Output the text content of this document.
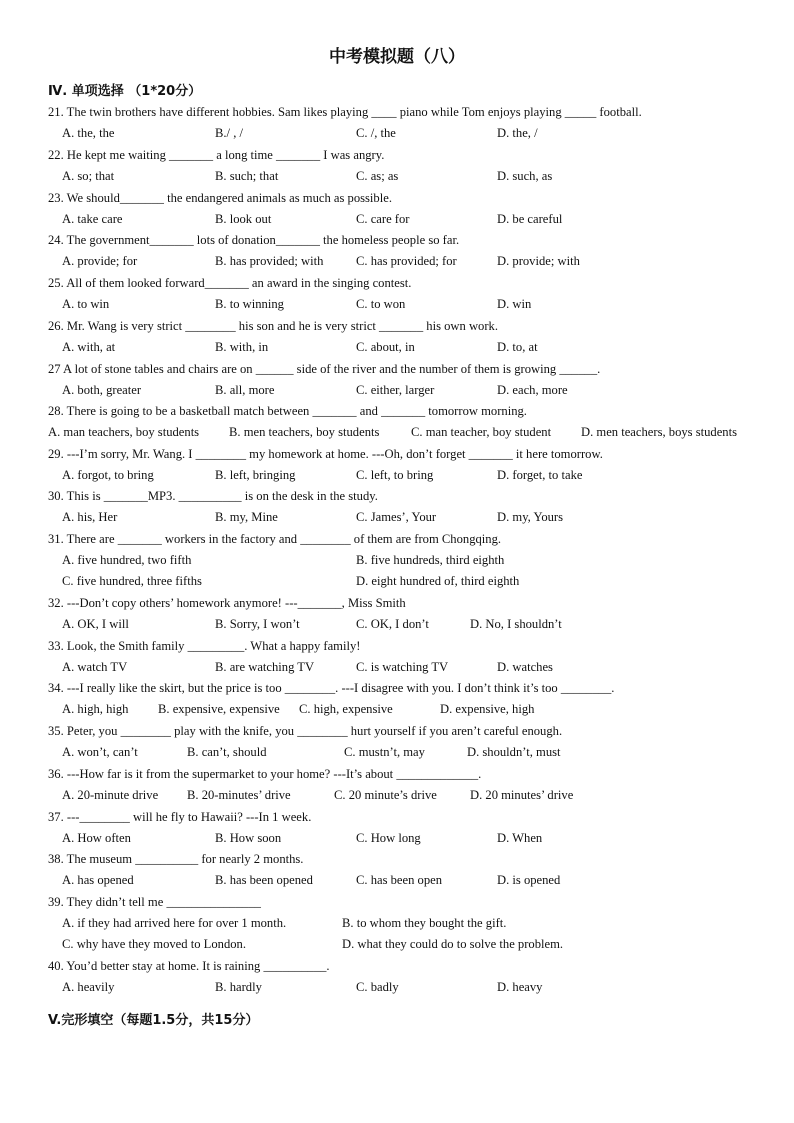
中考模拟题（八）
Ⅳ. 单项选择 （1*20分）
21. The twin brothers have different hobbies. Sam likes playing ____ piano while Tom enjoys playing _____ football.
A. the, the	B./ , /	C. /, the	D. the, /
22. He kept me waiting _______ a long time _______ I was angry.
A. so; that	B. such; that	C. as; as	D. such, as
23. We should_______ the endangered animals as much as possible.
A. take care	B. look out	C. care for	D. be careful
24. The government_______ lots of donation_______ the homeless people so far.
A. provide; for	B. has provided; with	C. has provided; for	D. provide; with
25. All of them looked forward_______ an award in the singing contest.
A. to win	B. to winning	C. to won	D. win
26. Mr. Wang is very strict ________ his son and he is very strict _______ his own work.
A. with, at	B. with, in	C. about, in	D. to, at
27 A lot of stone tables and chairs are on ______ side of the river and the number of them is growing ______.
A. both, greater	B. all, more	C. either, larger	D. each, more
28. There is going to be a basketball match between _______ and _______ tomorrow morning.
A. man teachers, boy students B. men teachers, boy students	C. man teacher, boy student D. men teachers, boys students
29. ---I’m sorry, Mr. Wang. I ________ my homework at home. ---Oh, don’t forget _______ it here tomorrow.
A. forgot, to bring	B. left, bringing	C. left, to bring	D. forget, to take
30. This is _______MP3. __________ is on the desk in the study.
A. his, Her	B. my, Mine	C. James’, Your	D. my, Yours
31. There are _______ workers in the factory and ________ of them are from Chongqing.
A. five hundred, two fifth	B. five hundreds, third eighth
C. five hundred, three fifths	D. eight hundred of, third eighth
32. ---Don’t copy others’ homework anymore! ---_______, Miss Smith
A. OK, I will	B. Sorry, I won’t	C. OK, I don’t	D. No, I shouldn’t
33. Look, the Smith family _________. What a happy family!
A. watch TV	B. are watching TV	C. is watching TV	D. watches
34. ---I really like the skirt, but the price is too ________. ---I disagree with you. I don’t think it’s too ________.
A. high, high B. expensive, expensive C. high, expensive	D. expensive, high
35. Peter, you ________ play with the knife, you ________ hurt yourself if you aren’t careful enough.
A. won’t, can’t	B. can’t, should	C. mustn’t, may	D. shouldn’t, must
36. ---How far is it from the supermarket to your home? ---It’s about _____________.
A. 20-minute drive B. 20-minutes’ drive	C. 20 minute’s drive	D. 20 minutes’ drive
37. ---________ will he fly to Hawaii? ---In 1 week.
A. How often	B. How soon	C. How long	D. When
38. The museum __________ for nearly 2 months.
A. has opened	B. has been opened	C. has been open	D. is opened
39. They didn’t tell me _______________
A. if they had arrived here for over 1 month.	B. to whom they bought the gift.
C. why have they moved to London.	D. what they could do to solve the problem.
40. You’d better stay at home. It is raining __________.
A. heavily	B. hardly	C. badly	D. heavy
V.完形填空（每题1.5分，共15分）
